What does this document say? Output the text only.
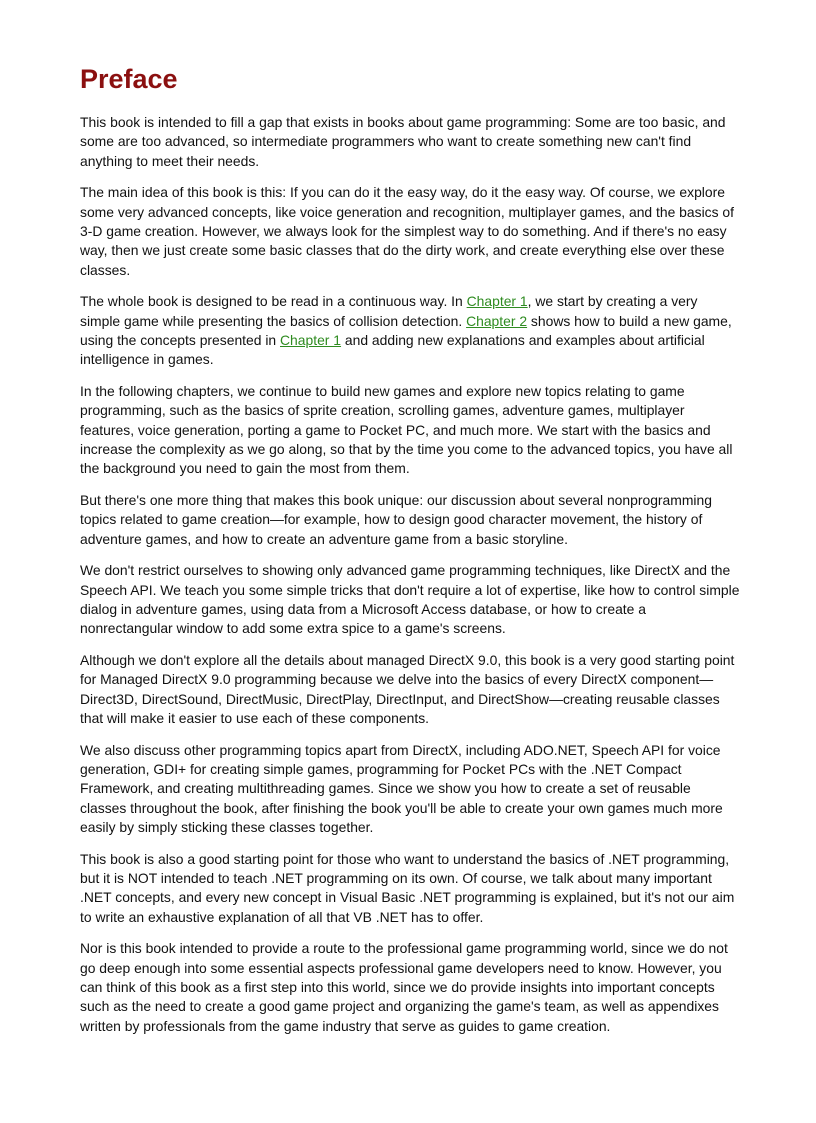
Preface

This book is intended to fill a gap that exists in books about game programming: Some are too basic, and some are too advanced, so intermediate programmers who want to create something new can't find anything to meet their needs.

The main idea of this book is this: If you can do it the easy way, do it the easy way. Of course, we explore some very advanced concepts, like voice generation and recognition, multiplayer games, and the basics of 3-D game creation. However, we always look for the simplest way to do something. And if there's no easy way, then we just create some basic classes that do the dirty work, and create everything else over these classes.

The whole book is designed to be read in a continuous way. In Chapter 1, we start by creating a very simple game while presenting the basics of collision detection. Chapter 2 shows how to build a new game, using the concepts presented in Chapter 1 and adding new explanations and examples about artificial intelligence in games.

In the following chapters, we continue to build new games and explore new topics relating to game programming, such as the basics of sprite creation, scrolling games, adventure games, multiplayer features, voice generation, porting a game to Pocket PC, and much more. We start with the basics and increase the complexity as we go along, so that by the time you come to the advanced topics, you have all the background you need to gain the most from them.

But there's one more thing that makes this book unique: our discussion about several nonprogramming topics related to game creation—for example, how to design good character movement, the history of adventure games, and how to create an adventure game from a basic storyline.

We don't restrict ourselves to showing only advanced game programming techniques, like DirectX and the Speech API. We teach you some simple tricks that don't require a lot of expertise, like how to control simple dialog in adventure games, using data from a Microsoft Access database, or how to create a nonrectangular window to add some extra spice to a game's screens.

Although we don't explore all the details about managed DirectX 9.0, this book is a very good starting point for Managed DirectX 9.0 programming because we delve into the basics of every DirectX component—Direct3D, DirectSound, DirectMusic, DirectPlay, DirectInput, and DirectShow—creating reusable classes that will make it easier to use each of these components.

We also discuss other programming topics apart from DirectX, including ADO.NET, Speech API for voice generation, GDI+ for creating simple games, programming for Pocket PCs with the .NET Compact Framework, and creating multithreading games. Since we show you how to create a set of reusable classes throughout the book, after finishing the book you'll be able to create your own games much more easily by simply sticking these classes together.

This book is also a good starting point for those who want to understand the basics of .NET programming, but it is NOT intended to teach .NET programming on its own. Of course, we talk about many important .NET concepts, and every new concept in Visual Basic .NET programming is explained, but it's not our aim to write an exhaustive explanation of all that VB .NET has to offer.

Nor is this book intended to provide a route to the professional game programming world, since we do not go deep enough into some essential aspects professional game developers need to know. However, you can think of this book as a first step into this world, since we do provide insights into important concepts such as the need to create a good game project and organizing the game's team, as well as appendixes written by professionals from the game industry that serve as guides to game creation.
